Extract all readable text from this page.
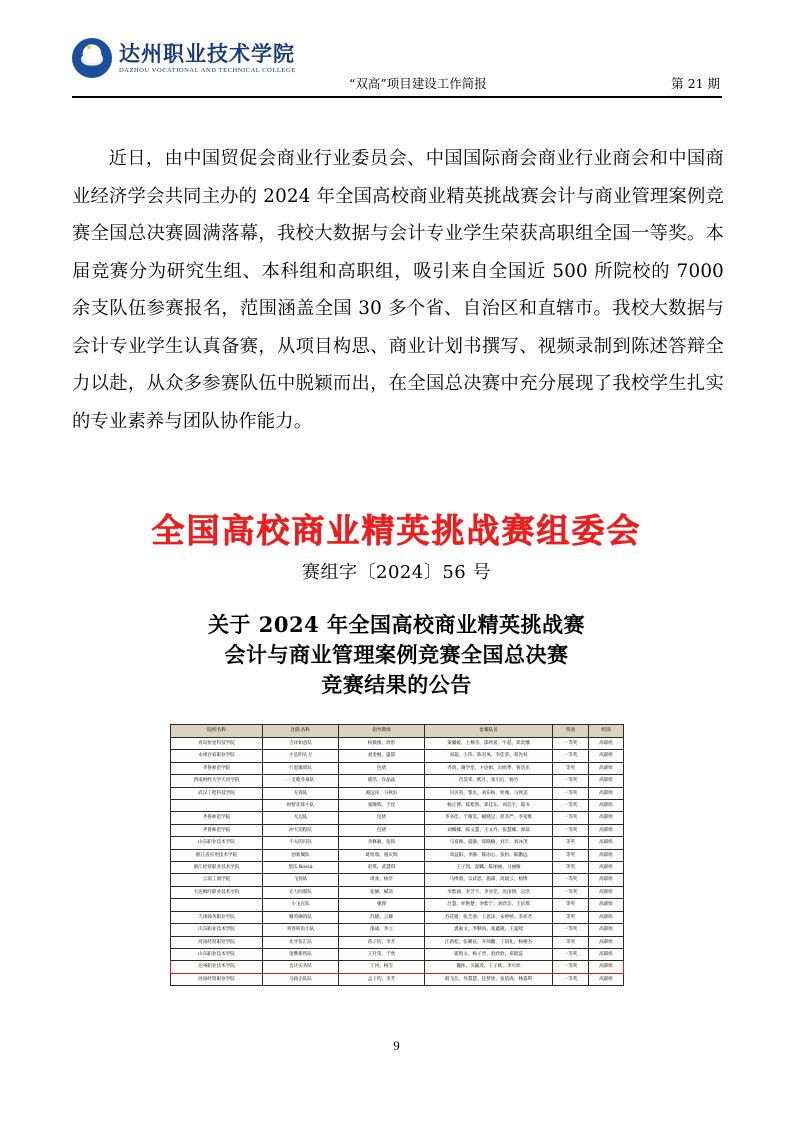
★ 达州职业技术学院
DAZHOU VOCATIONAL AND TECHNICAL COLLEGE
“双高”项目建设工作简报	第 21 期
近日，由中国贸促会商业行业委员会、中国国际商会商业行业商会和中国商业经济学会共同主办的 2024 年全国高校商业精英挑战赛会计与商业管理案例竞赛全国总决赛圆满落幕，我校大数据与会计专业学生荣获高职组全国一等奖。本届竞赛分为研究生组、本科组和高职组，吸引来自全国近 500 所院校的 7000 余支队伍参赛报名，范围涵盖全国 30 多个省、自治区和直辖市。我校大数据与会计专业学生认真备赛，从项目构思、商业计划书撰写、视频录制到陈述答辩全力以赴，从众多参赛队伍中脱颖而出，在全国总决赛中充分展现了我校学生扎实的专业素养与团队协作能力。
全国高校商业精英挑战赛组委会
赛组字〔2024〕56 号
关于 2024 年全国高校商业精英挑战赛
会计与商业管理案例竞赛全国总决赛
竞赛结果的公告
院校名称	团队名称	指导教师	参赛队员	奖项	组别
青岛恒星科技学院	吉祥如意队	杨薇薇、周彤	策疆媛、上穆杰、邵鸣希、牛起、郑奕娜	一等奖	高职组
永州百家职业学院	小弘明失卫	刘金畅、盛篇	刘超、王伟、陈君凤、李佳荣、邓先权	一等奖	高职组
齐鲁师范学院	行思激训队	包倩	齐鸿、谢学堂、卞论娟、贞鸥季、鲁浩乐	等奖	高职组
西南财经大学天府学院	一支歌冬豪队	郁浩、许晶晶	肖昊荣、熙凡、张引后、杨竹	一等奖	高职组
武汉工程科技学院	先锋队	谭远泽、马秋好	闫贝英、黎丞、刘东杨、侯豫、马致美	一等奖	高职组
	财智先锋小队	张晚辉、于玫	杨正博、陈紫然、邓佳东、刘芯宇、霜书	一等奖	高职组
齐鲁师范学院	无边队	包倩	李书佳、于晴昊、解晓足、慈萃严、李家维	一等奖	高职组
齐鲁师范学院	冲天前程队	包倩	刘娜娜、陈文慧、王文丹、张慧娜、郭琰	一等奖	高职组
山东职业技术学院	不关的闪队	李修颖、张铭	马富俊、夏静、郑晓楠、刘丰、刘沐茂	等奖	高职组
浙江省应用技术学院	创新翼队	葛恒瑞、骆庆辉	邓益阳、李静、陈雨心、张机、陈鹏远	等奖	高职组
浙江经贸职业技术学院	黑沃 Bossa	赵琪、武慧琪	王子凯、翟麟、陈丽丽、马丽敏	等奖	高职组
云南工商学院	飞扬队	周欢、杨亭	马博朋、宗武恩、施森、高晨云、杨博	一等奖	高职组
大连枫叶职业技术学院	无力的那队	张赫、赋清	李紫涵、李芝宇、李显笙、沈雨情、宗浩	一等奖	高职组
	小飞在队	强理	吕慧、祥艳楚、李紫宁、刘欣芸、王培琪	等奖	高职组
天津商务职业学院	精英咖询队	苏晓、云耀	苏花歌、张芝溶、王思泽、宋婷婷、李祥齐	等奖	高职组
山东职业技术学院	青春转角小队	邵成、李立	裘素文、李顺风、张鑫隆、王曼熙	一等奖	高职组
河南经贸职业学院	先导伍汇队	蒋子钧、李芳	江新松、张曜花、开师翻、丁研礼、杨椿杰	等奖	高职组
山东职业技术学院	金牌新铁队	王开荣、于欣	霍凯文、杨子晋、赵欣欣、邓昭蕊	一等奖	高职组
达州职业技术学院	会计实务队	丁河、杨雪	魏祎、关颖茂、王子欧、李可欣	一等奖	高职组
河南经贸职业学院	马政小队队	孟子钧、李芳	韩飞怂、外慧慧、任梦欣、张依海、林淼利	一等奖	高职组
9
